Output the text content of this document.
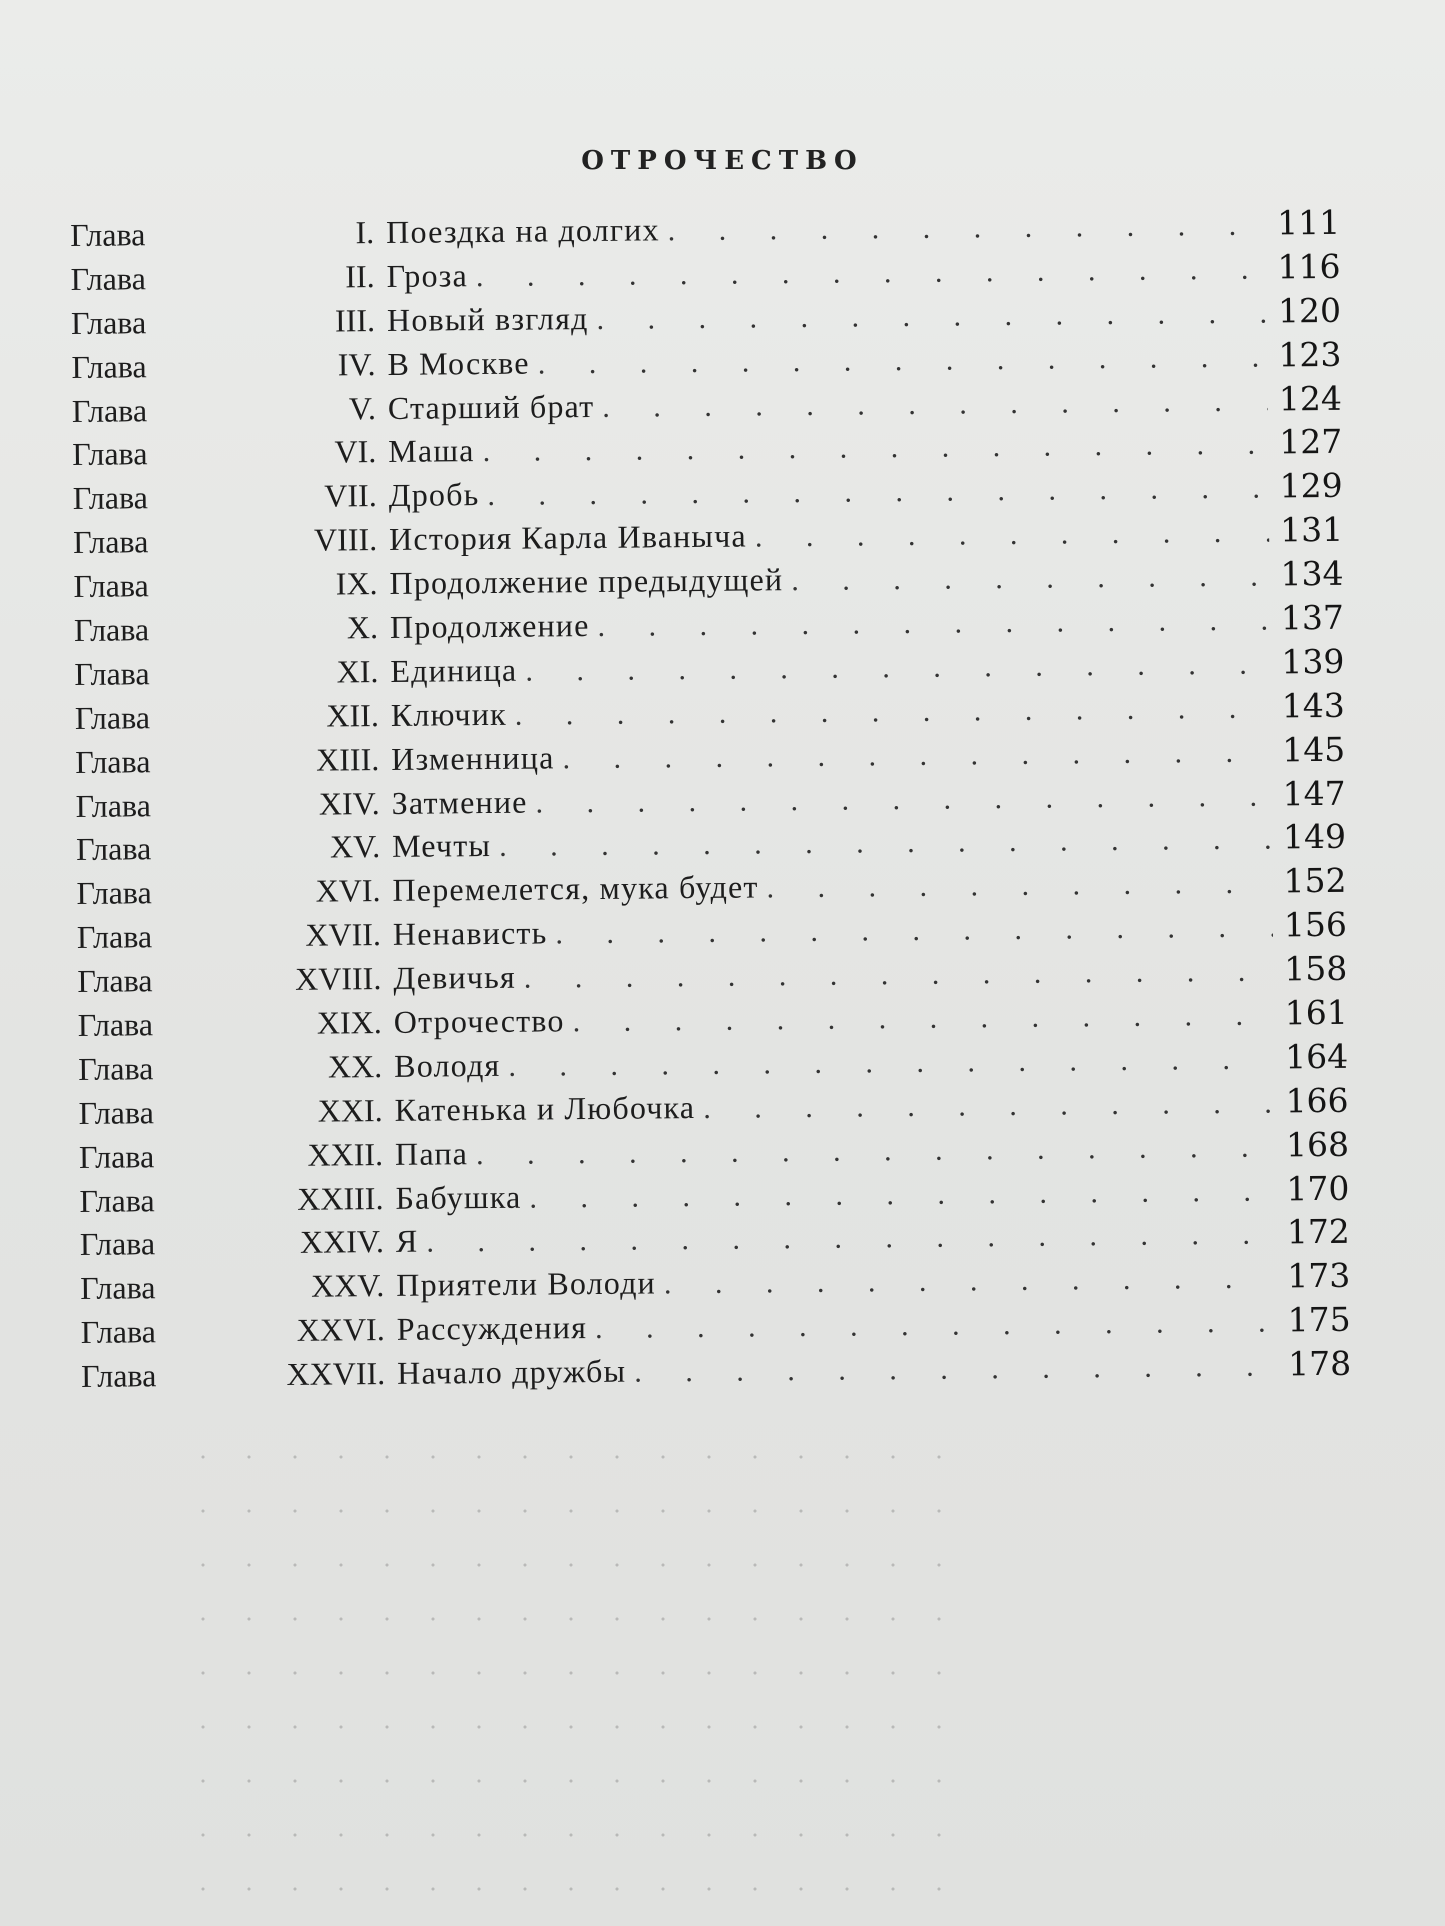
ОТРОЧЕСТВО
Глава	I. Поездка на долгих . . .	111
Глава	II. Гроза . . .	116
Глава	III. Новый взгляд . . .	120
Глава	IV. В Москве . . .	123
Глава	V. Старший брат . . .	124
Глава	VI. Маша . . .	127
Глава	VII. Дробь . . .	129
Глава	VIII. История Карла Иваныча . . .	131
Глава	IX. Продолжение предыдущей . . .	134
Глава	X. Продолжение . . .	137
Глава	XI. Единица . . .	139
Глава	XII. Ключик . . .	143
Глава	XIII. Изменница . . .	145
Глава	XIV. Затмение . . .	147
Глава	XV. Мечты . . .	149
Глава	XVI. Перемелется, мука будет . . .	152
Глава	XVII. Ненависть . . .	156
Глава	XVIII. Девичья . . .	158
Глава	XIX. Отрочество . . .	161
Глава	XX. Володя . . .	164
Глава	XXI. Катенька и Любочка . . .	166
Глава	XXII. Папа . . .	168
Глава	XXIII. Бабушка . . .	170
Глава	XXIV. Я . . .	172
Глава	XXV. Приятели Володи . . .	173
Глава	XXVI. Рассуждения . . .	175
Глава	XXVII. Начало дружбы . . .	178
